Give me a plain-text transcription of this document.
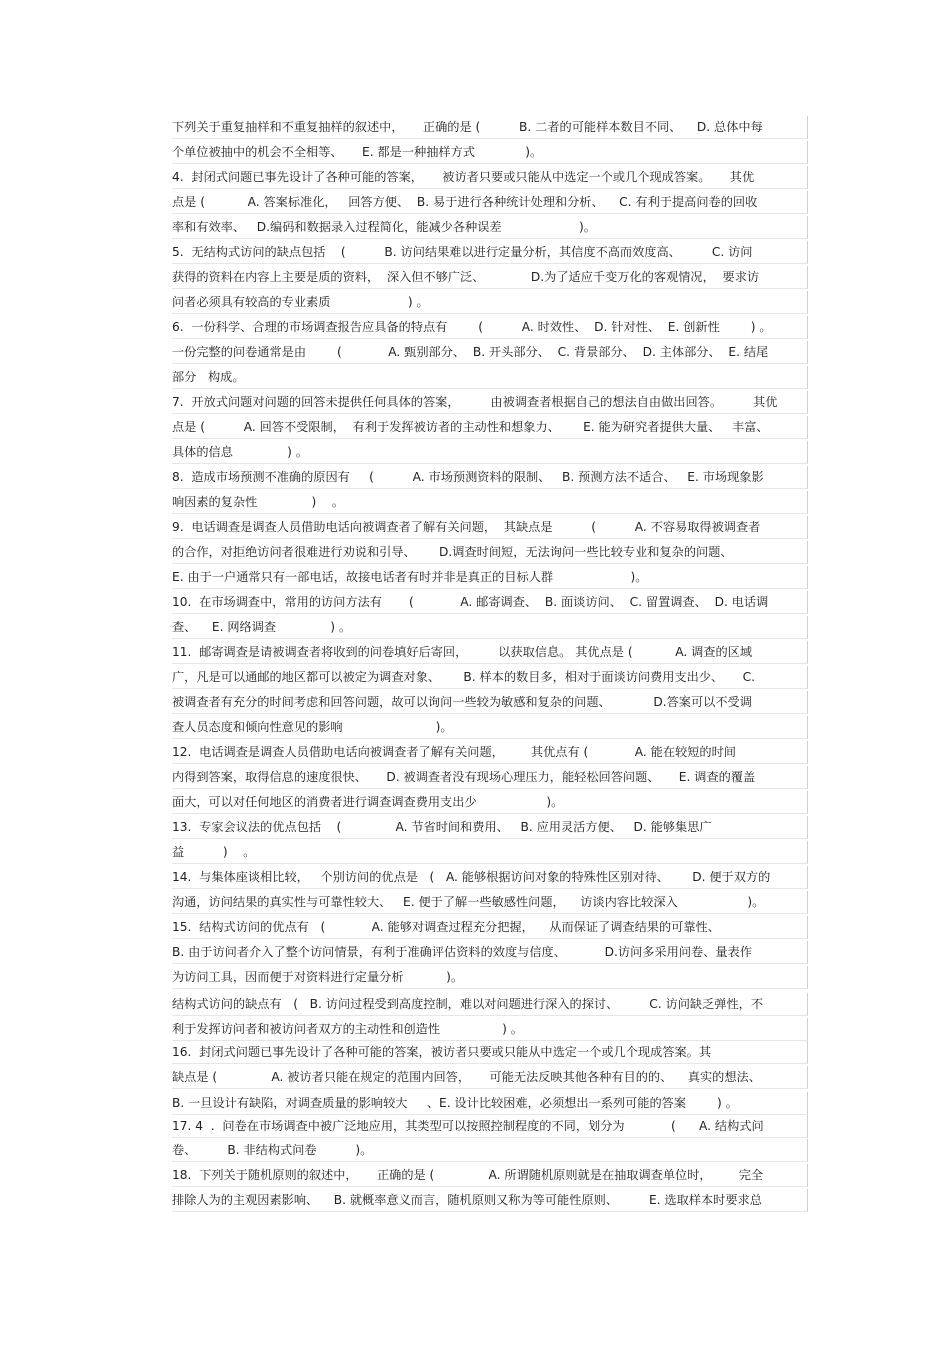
下列关于重复抽样和不重复抽样的叙述中，     正确的是 (          B. 二者的可能样本数目不同、    D. 总体中每
个单位被抽中的机会不全相等、     E. 都是一种抽样方式             )。
4.  封闭式问题已事先设计了各种可能的答案，     被访者只要或只能从中选定一个或几个现成答案。     其优
点是 (           A. 答案标准化，   回答方便、  B. 易于进行各种统计处理和分析、    C. 有利于提高问卷的回收
率和有效率、   D.编码和数据录入过程简化，能减少各种误差                    )。
5.  无结构式访问的缺点包括    (          B. 访问结果难以进行定量分析，其信度不高而效度高、        C. 访问
获得的资料在内容上主要是质的资料，  深入但不够广泛、            D.为了适应千变万化的客观情况，  要求访
问者必须具有较高的专业素质                    ) 。
6.  一份科学、合理的市场调查报告应具备的特点有        (          A. 时效性、  D. 针对性、  E. 创新性        ) 。
一份完整的问卷通常是由        (            A. 甄别部分、  B. 开头部分、  C. 背景部分、  D. 主体部分、  E. 结尾
部分   构成。
7.  开放式问题对问题的回答未提供任何具体的答案，        由被调查者根据自己的想法自由做出回答。        其优
点是 (          A. 回答不受限制，  有利于发挥被访者的主动性和想象力、      E. 能为研究者提供大量、   丰富、
具体的信息              ) 。
8.  造成市场预测不准确的原因有     (          A. 市场预测资料的限制、   B. 预测方法不适合、   E. 市场现象影
响因素的复杂性              )    。
9.  电话调查是调查人员借助电话向被调查者了解有关问题，  其缺点是          (          A. 不容易取得被调查者
的合作，对拒绝访问者很难进行劝说和引导、      D.调查时间短，无法询问一些比较专业和复杂的问题、
E. 由于一户通常只有一部电话，故接电话者有时并非是真正的目标人群                    )。
10.  在市场调查中，常用的访问方法有       (            A. 邮寄调查、  B. 面谈访问、  C. 留置调查、  D. 电话调
查、    E. 网络调查              ) 。
11.  邮寄调查是请被调查者将收到的问卷填好后寄回，        以获取信息。 其优点是 (           A. 调查的区域
广，凡是可以通邮的地区都可以被定为调查对象、      B. 样本的数目多，相对于面谈访问费用支出少、     C.
被调查者有充分的时间考虑和回答问题，故可以询问一些较为敏感和复杂的问题、           D.答案可以不受调
查人员态度和倾向性意见的影响                        )。
12.  电话调查是调查人员借助电话向被调查者了解有关问题，       其优点有 (            A. 能在较短的时间
内得到答案，取得信息的速度很快、     D. 被调查者没有现场心理压力，能轻松回答问题、     E. 调查的覆盖
面大，可以对任何地区的消费者进行调查调查费用支出少                  )。
13.  专家会议法的优点包括    (              A. 节省时间和费用、   B. 应用灵活方便、   D. 能够集思广
益          )    。
14.  与集体座谈相比较，   个别访问的优点是   (   A. 能够根据访问对象的特殊性区别对待、      D. 便于双方的
沟通，访问结果的真实性与可靠性较大、   E. 便于了解一些敏感性问题，    访谈内容比较深入                  )。
15.  结构式访问的优点有   (            A. 能够对调查过程充分把握，    从而保证了调查结果的可靠性、
B. 由于访问者介入了整个访问情景，有利于准确评估资料的效度与信度、          D.访问多采用问卷、量表作
为访问工具，因而便于对资料进行定量分析           )。
结构式访问的缺点有   (   B. 访问过程受到高度控制，难以对问题进行深入的探讨、        C. 访问缺乏弹性，不
利于发挥访问者和被访问者双方的主动性和创造性                ) 。
16.  封闭式问题已事先设计了各种可能的答案，被访者只要或只能从中选定一个或几个现成答案。其
缺点是 (              A. 被访者只能在规定的范围内回答，     可能无法反映其他各种有目的的、    真实的想法、
B. 一旦设计有缺陷，对调查质量的影响较大     、E. 设计比较困难，必须想出一系列可能的答案        ) 。
17. 4  .  问卷在市场调查中被广泛地应用，其类型可以按照控制程度的不同，划分为            (      A. 结构式问
卷、        B. 非结构式问卷          )。
18.  下列关于随机原则的叙述中，     正确的是 (              A. 所谓随机原则就是在抽取调查单位时，       完全
排除人为的主观因素影响、    B. 就概率意义而言，随机原则又称为等可能性原则、        E. 选取样本时要求总
